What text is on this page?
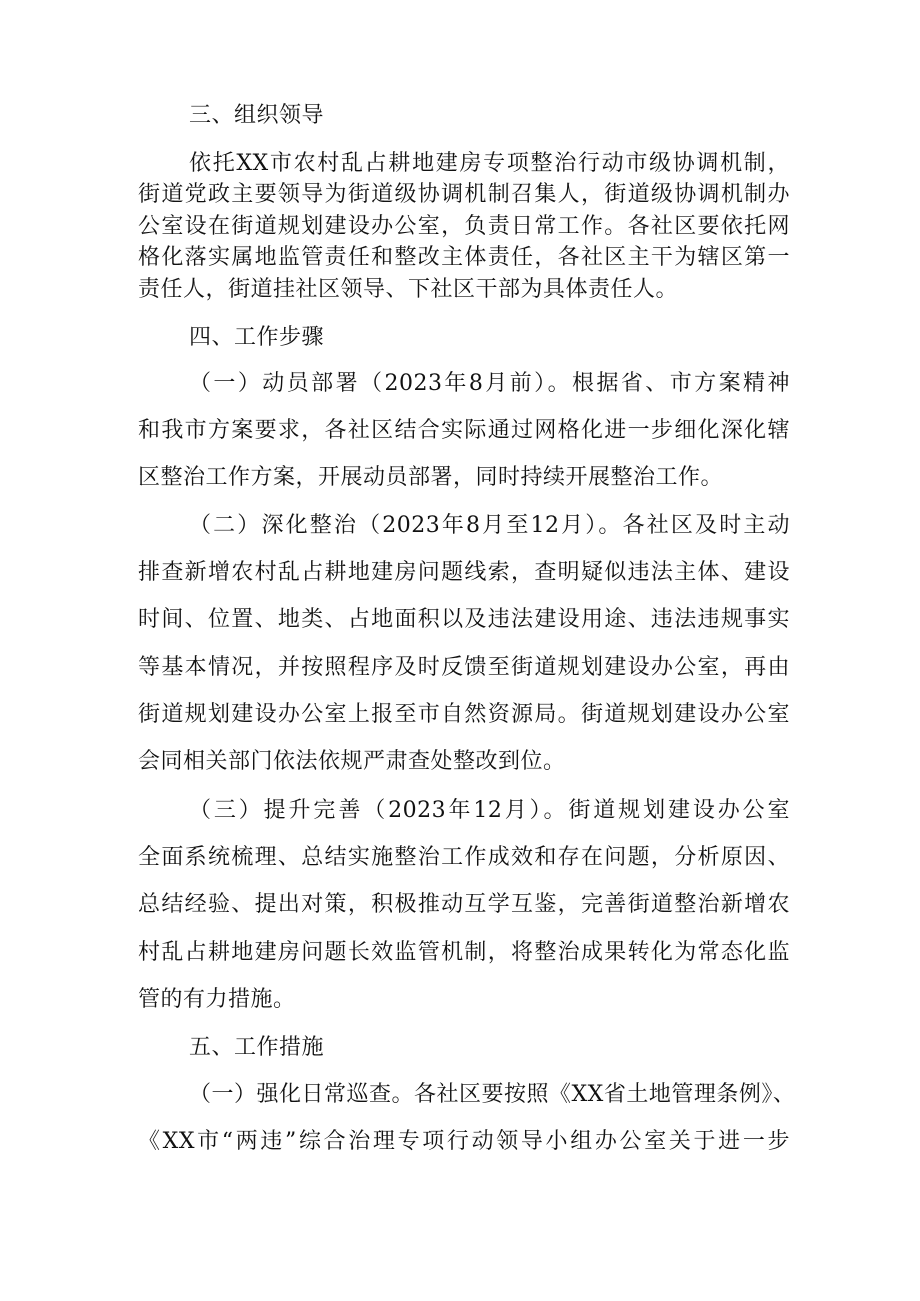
三、组织领导
依托XX市农村乱占耕地建房专项整治行动市级协调机制，
街道党政主要领导为街道级协调机制召集人，街道级协调机制办
公室设在街道规划建设办公室，负责日常工作。各社区要依托网
格化落实属地监管责任和整改主体责任，各社区主干为辖区第一
责任人，街道挂社区领导、下社区干部为具体责任人。
四、工作步骤
（一）动员部署（2023年8月前）。根据省、市方案精神
和我市方案要求，各社区结合实际通过网格化进一步细化深化辖
区整治工作方案，开展动员部署，同时持续开展整治工作。
（二）深化整治（2023年8月至12月）。各社区及时主动
排查新增农村乱占耕地建房问题线索，查明疑似违法主体、建设
时间、位置、地类、占地面积以及违法建设用途、违法违规事实
等基本情况，并按照程序及时反馈至街道规划建设办公室，再由
街道规划建设办公室上报至市自然资源局。街道规划建设办公室
会同相关部门依法依规严肃查处整改到位。
（三）提升完善（2023年12月）。街道规划建设办公室
全面系统梳理、总结实施整治工作成效和存在问题，分析原因、
总结经验、提出对策，积极推动互学互鉴，完善街道整治新增农
村乱占耕地建房问题长效监管机制，将整治成果转化为常态化监
管的有力措施。
五、工作措施
（一）强化日常巡查。各社区要按照《XX省土地管理条例》、
《XX市“两违”综合治理专项行动领导小组办公室关于进一步
